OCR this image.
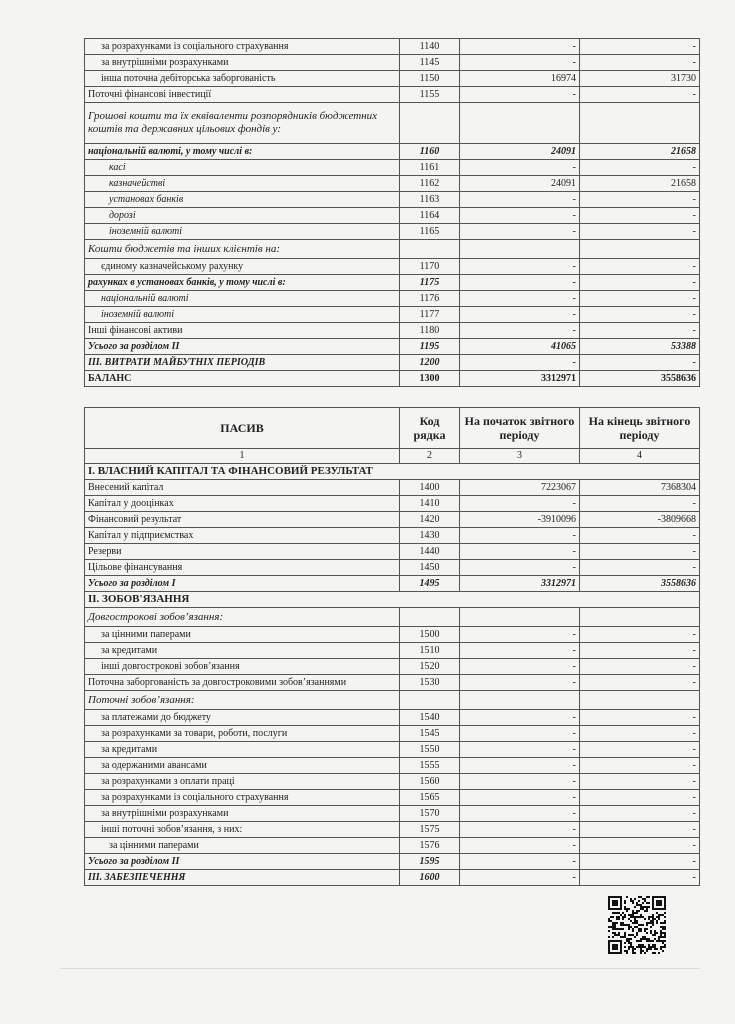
за розрахунками із соціального страхування	1140	-	-
за внутрішніми розрахунками	1145	-	-
інша поточна дебіторська заборгованість	1150	16974	31730
Поточні фінансові інвестиції	1155	-	-
Грошові кошти та їх еквіваленти розпорядників бюджетних коштів та державних цільових фондів у:			
національній валюті, у тому числі в:	1160	24091	21658
касі	1161	-	-
казначействі	1162	24091	21658
установах банків	1163	-	-
дорозі	1164	-	-
іноземній валюті	1165	-	-
Кошти бюджетів та інших клієнтів на:			
єдиному казначейському рахунку	1170	-	-
рахунках в установах банків, у тому числі в:	1175	-	-
національній валюті	1176	-	-
іноземній валюті	1177	-	-
Інші фінансові активи	1180	-	-
Усього за розділом II	1195	41065	53388
ІІІ. ВИТРАТИ МАЙБУТНІХ ПЕРІОДІВ	1200	-	-
БАЛАНС	1300	3312971	3558636
ПАСИВ	Код рядка	На початок звітного періоду	На кінець звітного періоду
1	2	3	4
I. ВЛАСНИЙ КАПІТАЛ ТА ФІНАНСОВИЙ РЕЗУЛЬТАТ			
Внесений капітал	1400	7223067	7368304
Капітал у дооцінках	1410	-	-
Фінансовий результат	1420	-3910096	-3809668
Капітал у підприємствах	1430	-	-
Резерви	1440	-	-
Цільове фінансування	1450	-	-
Усього за розділом I	1495	3312971	3558636
II. ЗОБОВ'ЯЗАННЯ			
Довгострокові зобов’язання:			
за цінними паперами	1500	-	-
за кредитами	1510	-	-
інші довгострокові зобов’язання	1520	-	-
Поточна заборгованість за довгостроковими зобов’язаннями	1530	-	-
Поточні зобов’язання:			
за платежами до бюджету	1540	-	-
за розрахунками за товари, роботи, послуги	1545	-	-
за кредитами	1550	-	-
за одержаними авансами	1555	-	-
за розрахунками з оплати праці	1560	-	-
за розрахунками із соціального страхування	1565	-	-
за внутрішніми розрахунками	1570	-	-
інші поточні зобов’язання, з них:	1575	-	-
за цінними паперами	1576	-	-
Усього за розділом II	1595	-	-
ІІІ. ЗАБЕЗПЕЧЕННЯ	1600	-	-
